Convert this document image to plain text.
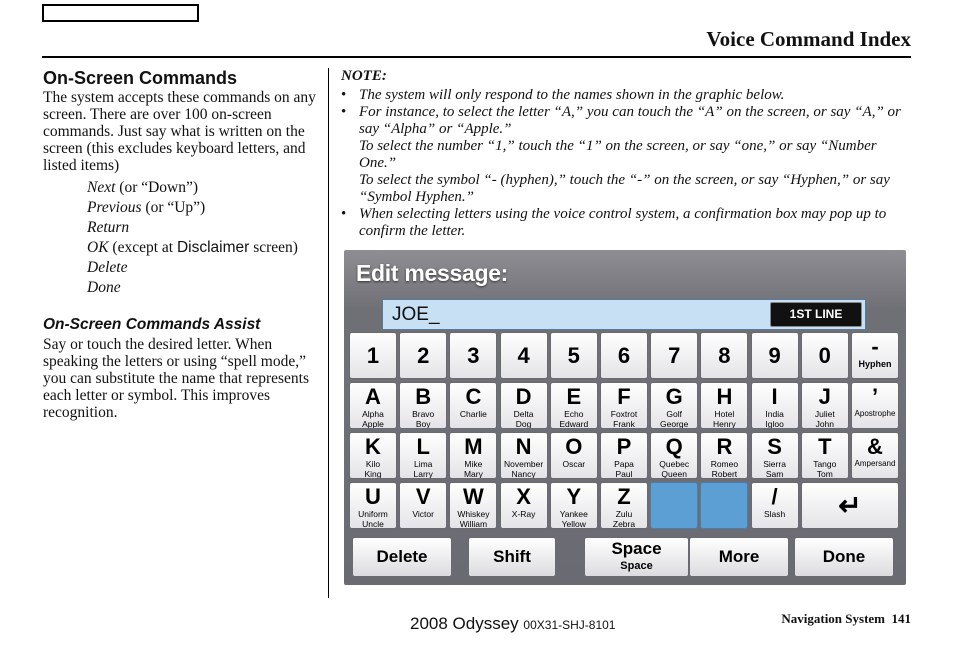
Voice Command Index
On-Screen Commands

The system accepts these commands on any screen. There are over 100 on-screen commands. Just say what is written on the screen (this excludes keyboard letters, and listed items)

Next (or “Down”)
Previous (or “Up”)
Return
OK (except at Disclaimer screen)
Delete
Done
On-Screen Commands Assist

Say or touch the desired letter. When speaking the letters or using “spell mode,” you can substitute the name that represents each letter or symbol. This improves recognition.

NOTE:
• The system will only respond to the names shown in the graphic below.
• For instance, to select the letter “A,” you can touch the “A” on the screen, or say “A,” or say “Alpha” or “Apple.”
To select the number “1,” touch the “1” on the screen, or say “one,” or say “Number One.”
To select the symbol “- (hyphen),” touch the “-” on the screen, or say “Hyphen,” or say “Symbol Hyphen.”
• When selecting letters using the voice control system, a confirmation box may pop up to confirm the letter.
Edit message:
JOE_	1ST LINE
1	2	3	4	5	6	7	8	9	0	-
Hyphen
A
Alpha
Apple
B
Bravo
Boy
C
Charlie
D
Delta
Dog
E
Echo
Edward
F
Foxtrot
Frank
G
Golf
George
H
Hotel
Henry
I
India
Igloo
J
Juliet
John
’
Apostrophe
K
Kilo
King
L
Lima
Larry
M
Mike
Mary
N
November
Nancy
O
Oscar
P
Papa
Paul
Q
Quebec
Queen
R
Romeo
Robert
S
Sierra
Sam
T
Tango
Tom
&
Ampersand
U
Uniform
Uncle
V
Victor
W
Whiskey
William
X
X-Ray
Y
Yankee
Yellow
Z
Zulu
Zebra
/
Slash	↵
Delete	Shift	Space
Space	More	Done
2008 Odyssey 00X31-SHJ-8101	Navigation System 141
